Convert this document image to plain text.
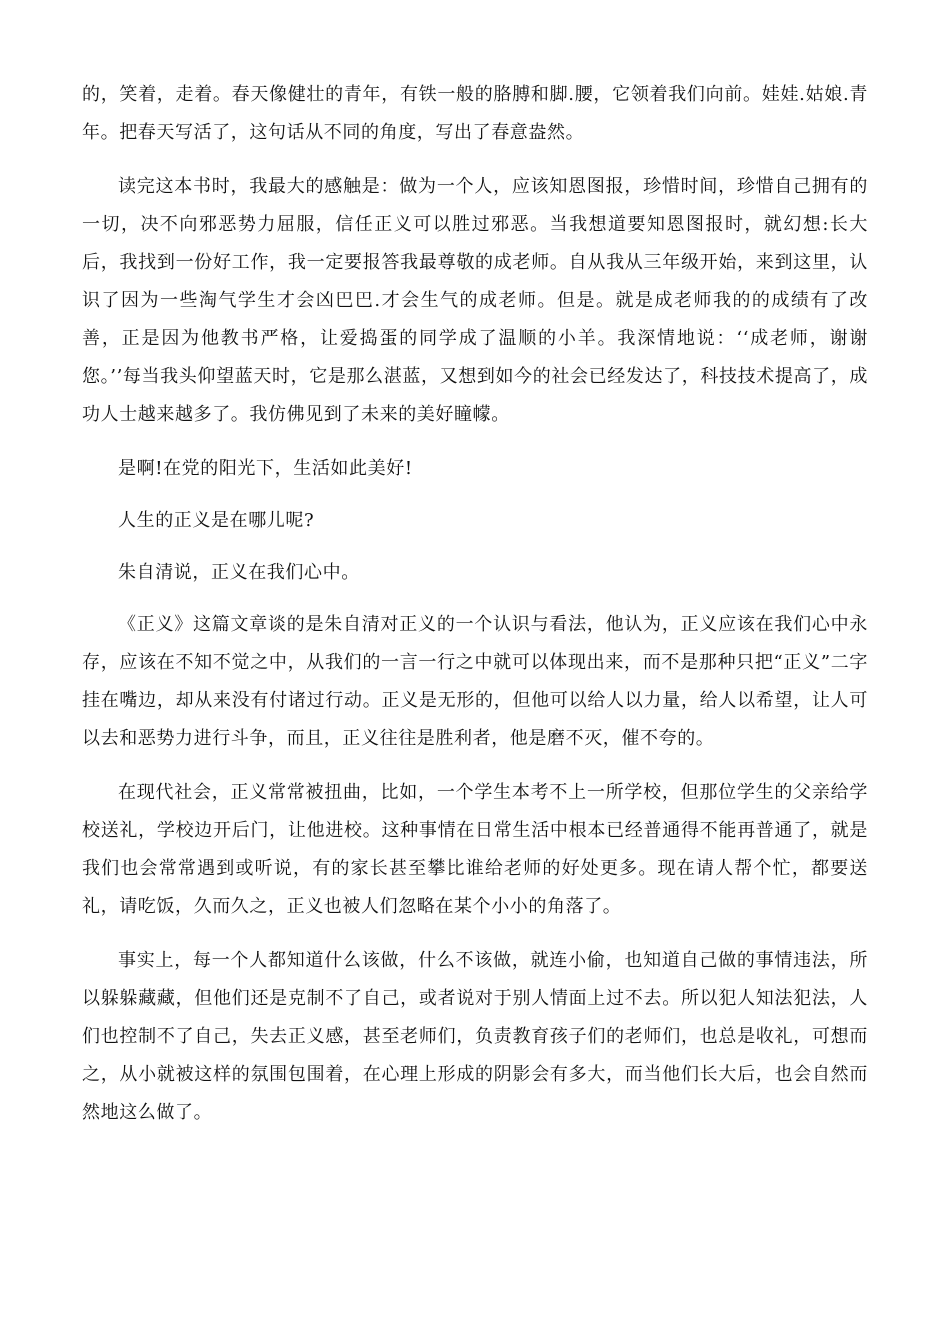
的，笑着，走着。春天像健壮的青年，有铁一般的胳膊和脚.腰，它领着我们向前。娃娃.姑娘.青年。把春天写活了，这句话从不同的角度，写出了春意盎然。

读完这本书时，我最大的感触是：做为一个人，应该知恩图报，珍惜时间，珍惜自己拥有的一切，决不向邪恶势力屈服，信任正义可以胜过邪恶。当我想道要知恩图报时，就幻想:长大后，我找到一份好工作，我一定要报答我最尊敬的成老师。自从我从三年级开始，来到这里，认识了因为一些淘气学生才会凶巴巴.才会生气的成老师。但是。就是成老师我的的成绩有了改善，正是因为他教书严格，让爱捣蛋的同学成了温顺的小羊。我深情地说：‘‘成老师，谢谢您。’’每当我头仰望蓝天时，它是那么湛蓝，又想到如今的社会已经发达了，科技技术提高了，成功人士越来越多了。我仿佛见到了未来的美好瞳幪。

是啊!在党的阳光下，生活如此美好!

人生的正义是在哪儿呢?

朱自清说，正义在我们心中。

《正义》这篇文章谈的是朱自清对正义的一个认识与看法，他认为，正义应该在我们心中永存，应该在不知不觉之中，从我们的一言一行之中就可以体现出来，而不是那种只把“正义”二字挂在嘴边，却从来没有付诸过行动。正义是无形的，但他可以给人以力量，给人以希望，让人可以去和恶势力进行斗争，而且，正义往往是胜利者，他是磨不灭，催不夸的。

在现代社会，正义常常被扭曲，比如，一个学生本考不上一所学校，但那位学生的父亲给学校送礼，学校边开后门，让他进校。这种事情在日常生活中根本已经普通得不能再普通了，就是我们也会常常遇到或听说，有的家长甚至攀比谁给老师的好处更多。现在请人帮个忙，都要送礼，请吃饭，久而久之，正义也被人们忽略在某个小小的角落了。

事实上，每一个人都知道什么该做，什么不该做，就连小偷，也知道自己做的事情违法，所以躲躲藏藏，但他们还是克制不了自己，或者说对于别人情面上过不去。所以犯人知法犯法，人们也控制不了自己，失去正义感，甚至老师们，负责教育孩子们的老师们，也总是收礼，可想而之，从小就被这样的氛围包围着，在心理上形成的阴影会有多大，而当他们长大后，也会自然而然地这么做了。
